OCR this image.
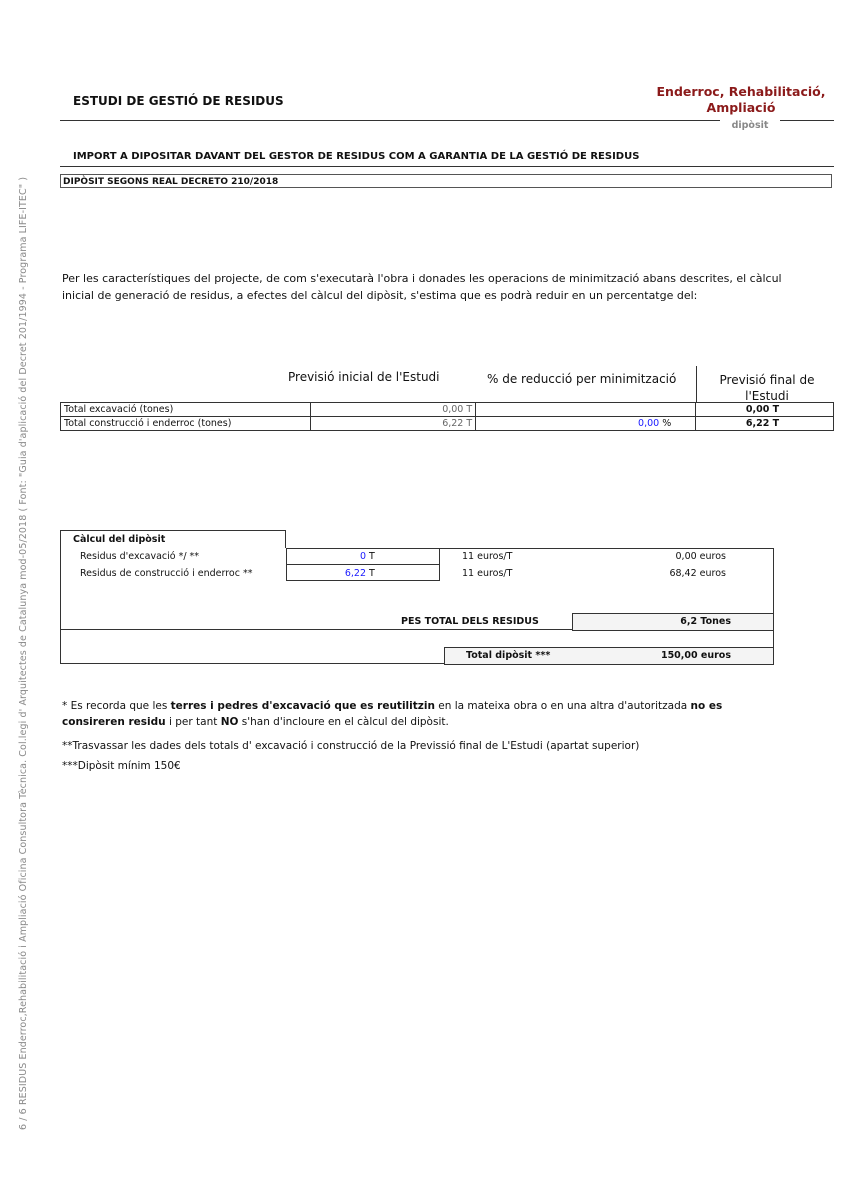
6 / 6 RESIDUS Enderroc,Rehabilitació i Ampliació Oficina Consultora Tècnica. Col.legi d' Arquitectes de Catalunya mod-05/2018 ( Font: "Guia d'aplicació del Decret 201/1994 - Programa LIFE-ITEC" )
ESTUDI DE GESTIÓ DE RESIDUS
Enderroc, Rehabilitació, Ampliació
dipòsit
IMPORT A DIPOSITAR DAVANT DEL GESTOR DE RESIDUS COM A GARANTIA DE LA GESTIÓ DE RESIDUS
DIPÒSIT SEGONS REAL DECRETO 210/2018
Per les característiques del projecte, de com s'executarà l'obra i donades les operacions de minimització abans descrites, el càlcul inicial de generació de residus, a efectes del càlcul del dipòsit, s'estima que es podrà reduir en un percentatge del:
Previsió inicial de l'Estudi	% de reducció per minimització	Previsió final de l'Estudi
Total excavació (tones)	0,00 T		0,00 T
Total construcció i enderroc (tones)	6,22 T	0,00 %	6,22 T
Càlcul del dipòsit
Residus d'excavació */ **	0 T	11 euros/T	0,00 euros
Residus de construcció i enderroc **	6,22 T	11 euros/T	68,42 euros
PES TOTAL DELS RESIDUS	6,2 Tones
Total dipòsit ***	150,00 euros
* Es recorda que les terres i pedres d'excavació que es reutilitzin en la mateixa obra o en una altra d'autoritzada no es consireren residu i per tant NO s'han d'incloure en el càlcul del dipòsit.
**Trasvassar les dades dels totals d' excavació i construcció de la Previssió final de L'Estudi (apartat superior)
***Dipòsit mínim 150€
